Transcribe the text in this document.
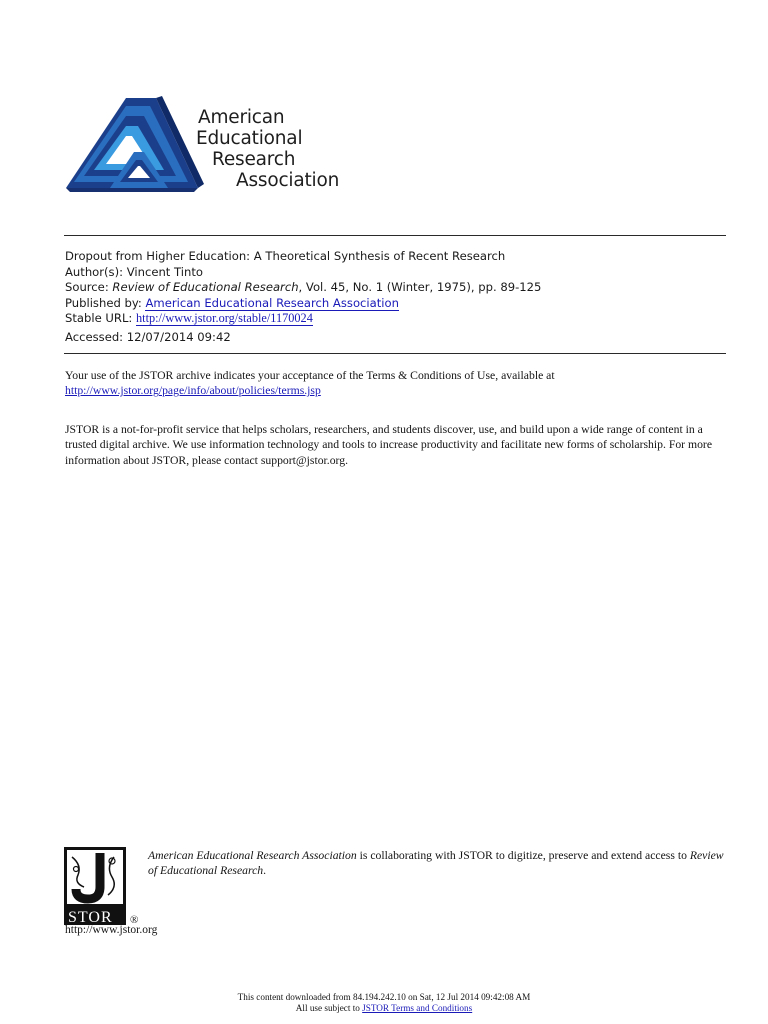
American
Educational
Research
Association
Dropout from Higher Education: A Theoretical Synthesis of Recent Research
Author(s): Vincent Tinto
Source: Review of Educational Research, Vol. 45, No. 1 (Winter, 1975), pp. 89-125
Published by: American Educational Research Association
Stable URL: http://www.jstor.org/stable/1170024
Accessed: 12/07/2014 09:42
Your use of the JSTOR archive indicates your acceptance of the Terms & Conditions of Use, available at
http://www.jstor.org/page/info/about/policies/terms.jsp
JSTOR is a not-for-profit service that helps scholars, researchers, and students discover, use, and build upon a wide range of content in a trusted digital archive. We use information technology and tools to increase productivity and facilitate new forms of scholarship. For more information about JSTOR, please contact support@jstor.org.
STOR ®
http://www.jstor.org
American Educational Research Association is collaborating with JSTOR to digitize, preserve and extend access to Review of Educational Research.
This content downloaded from 84.194.242.10 on Sat, 12 Jul 2014 09:42:08 AM
All use subject to JSTOR Terms and Conditions
